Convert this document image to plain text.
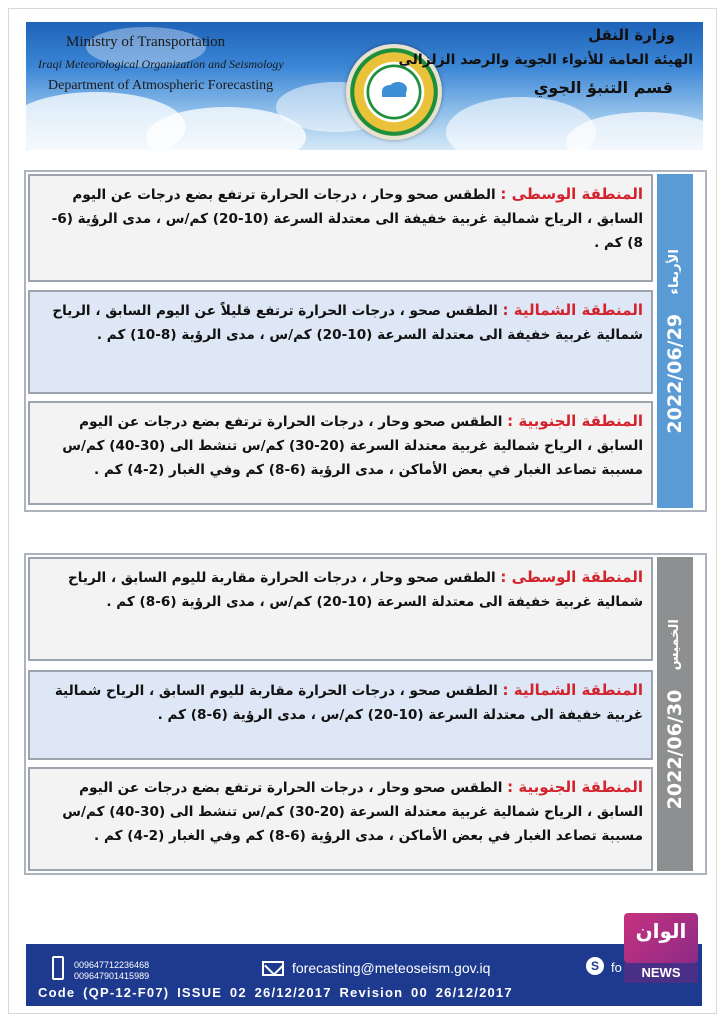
Ministry of Transportation
Iraqi Meteorological Organization and Seismology
Department of Atmospheric Forecasting
وزارة النقل
الهيئة العامة للأنواء الجوية والرصد الزلزالي
قسم التنبؤ الجوي
2022/06/29 الأربعاء
المنطقة الوسطى : الطقس صحو وحار ، درجات الحرارة ترتفع بضع درجات عن اليوم السابق ، الرياح شمالية غربية خفيفة الى معتدلة السرعة (10-20) كم/س ، مدى الرؤية (6-8) كم .
المنطقة الشمالية : الطقس صحو ، درجات الحرارة ترتفع قليلاً عن اليوم السابق ، الرياح شمالية غربية خفيفة الى معتدلة السرعة (10-20) كم/س ، مدى الرؤية (8-10) كم .
المنطقة الجنوبية : الطقس صحو وحار ، درجات الحرارة ترتفع بضع درجات عن اليوم السابق ، الرياح شمالية غربية معتدلة السرعة (20-30) كم/س تنشط الى (30-40) كم/س مسببة تصاعد الغبار في بعض الأماكن ، مدى الرؤية (6-8) كم وفي الغبار (2-4) كم .
2022/06/30 الخميس
المنطقة الوسطى : الطقس صحو وحار ، درجات الحرارة مقاربة لليوم السابق ، الرياح شمالية غربية خفيفة الى معتدلة السرعة (10-20) كم/س ، مدى الرؤية (6-8) كم .
المنطقة الشمالية : الطقس صحو ، درجات الحرارة مقاربة لليوم السابق ، الرياح شمالية غربية خفيفة الى معتدلة السرعة (10-20) كم/س ، مدى الرؤية (6-8) كم .
المنطقة الجنوبية : الطقس صحو وحار ، درجات الحرارة ترتفع بضع درجات عن اليوم السابق ، الرياح شمالية غربية معتدلة السرعة (20-30) كم/س تنشط الى (30-40) كم/س مسببة تصاعد الغبار في بعض الأماكن ، مدى الرؤية (6-8) كم وفي الغبار (2-4) كم .
009647712236468
009647901415989	forecasting@meteoseism.gov.iq	S fo
Code (QP-12-F07) ISSUE 02 26/12/2017 Revision 00 26/12/2017
الوان
NEWS
